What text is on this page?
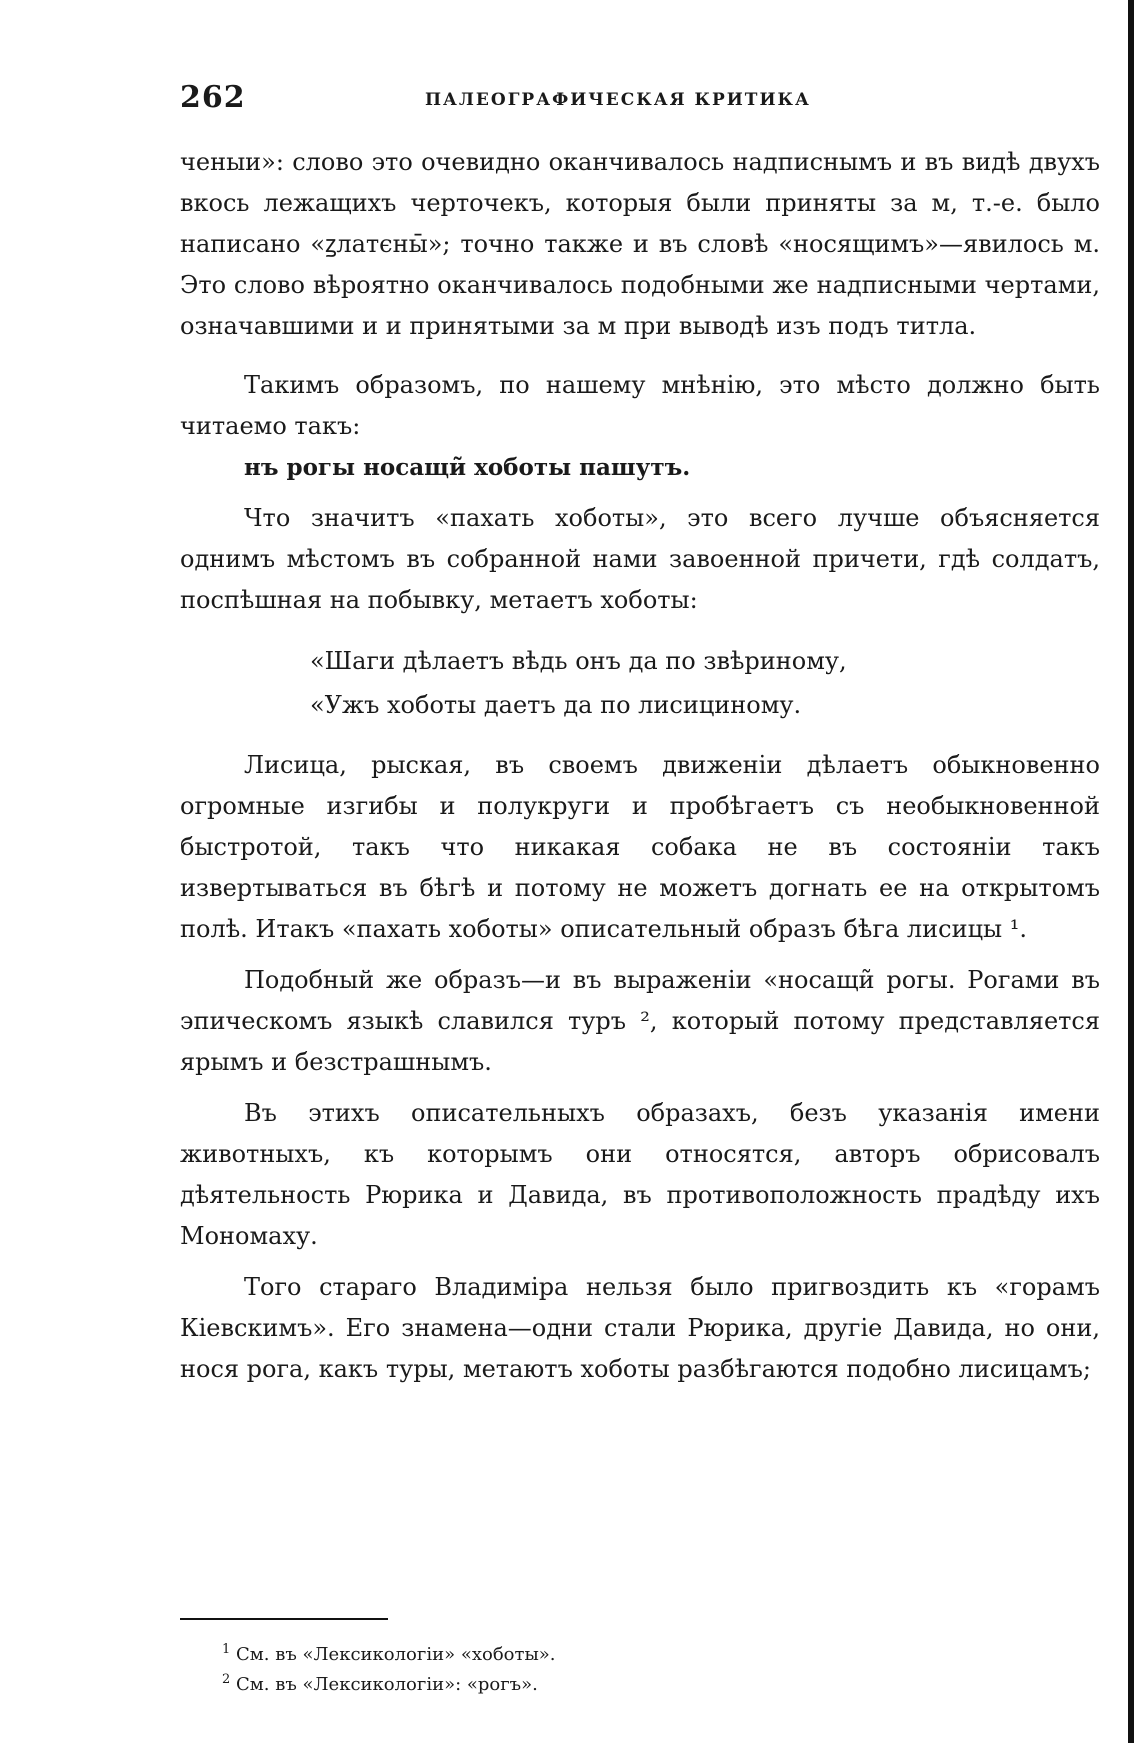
262	ПАЛЕОГРАФИЧЕСКАЯ КРИТИКА

ченыи»: слово это очевидно оканчивалось надписнымъ и въ видѣ двухъ вкось лежащихъ черточекъ, которыя были приняты за м, т.-е. было написано «ꙁлатєны̄»; точно также и въ словѣ «носящимъ»—явилось м. Это слово вѣроятно оканчивалось подобными же надписными чертами, означавшими и и принятыми за м при выводѣ изъ подъ титла.

Такимъ образомъ, по нашему мнѣнію, это мѣсто должно быть читаемо такъ:

нъ рогы носащи̃ хоботы пашутъ.

Что значитъ «пахать хоботы», это всего лучше объясняется однимъ мѣстомъ въ собранной нами завоенной причети, гдѣ солдатъ, поспѣшная на побывку, метаетъ хоботы:

«Шаги дѣлаетъ вѣдь онъ да по звѣриному,

«Ужъ хоботы даетъ да по лисициному.

Лисица, рыская, въ своемъ движеніи дѣлаетъ обыкновенно огромные изгибы и полукруги и пробѣгаетъ съ необыкновенной быстротой, такъ что никакая собака не въ состояніи такъ извертываться въ бѣгѣ и потому не можетъ догнать ее на открытомъ полѣ. Итакъ «пахать хоботы» описательный образъ бѣга лисицы ¹.

Подобный же образъ—и въ выраженіи «носащи̃ рогы. Рогами въ эпическомъ языкѣ славился туръ ², который потому представляется ярымъ и безстрашнымъ.

Въ этихъ описательныхъ образахъ, безъ указанія имени животныхъ, къ которымъ они относятся, авторъ обрисовалъ дѣятельность Рюрика и Давида, въ противоположность прадѣду ихъ Мономаху.

Того стараго Владиміра нельзя было пригвоздить къ «горамъ Кіевскимъ». Его знамена—одни стали Рюрика, другіе Давида, но они, нося рога, какъ туры, метаютъ хоботы разбѣгаются подобно лисицамъ;

1 См. въ «Лексикологіи» «хоботы».

2 См. въ «Лексикологіи»: «рогъ».
